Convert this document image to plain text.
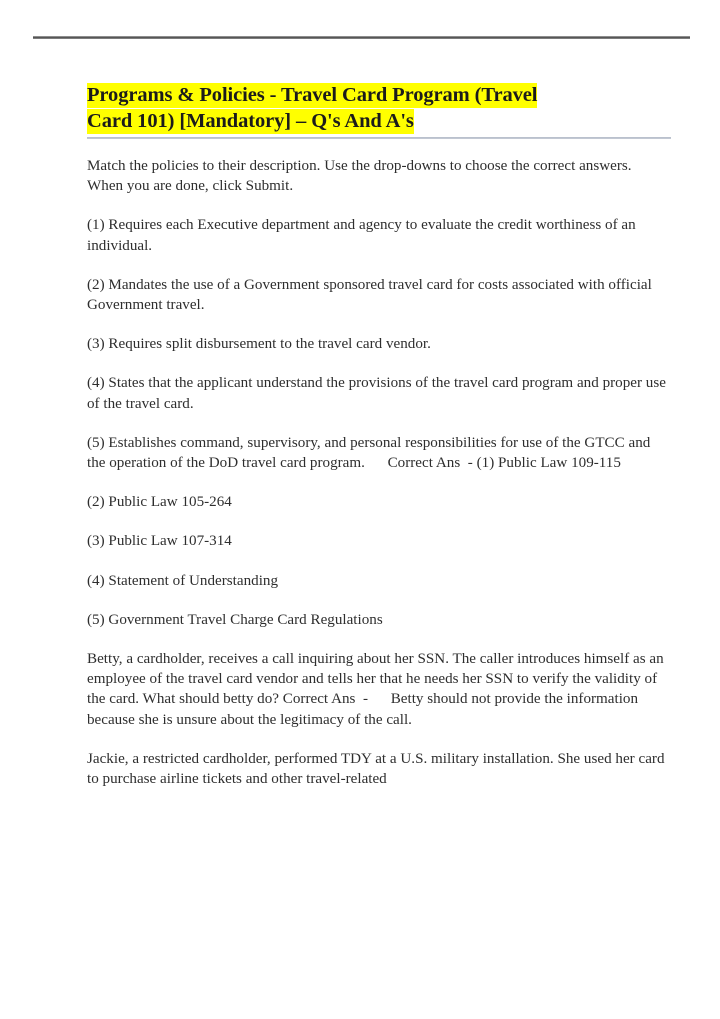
Programs & Policies - Travel Card Program (Travel
Card 101) [Mandatory] – Q's And A's

Match the policies to their description. Use the drop-downs to choose the correct answers. When you are done, click Submit.

(1) Requires each Executive department and agency to evaluate the credit worthiness of an individual.

(2) Mandates the use of a Government sponsored travel card for costs associated with official Government travel.

(3) Requires split disbursement to the travel card vendor.

(4) States that the applicant understand the provisions of the travel card program and proper use of the travel card.

(5) Establishes command, supervisory, and personal responsibilities for use of the GTCC and the operation of the DoD travel card program.      Correct Ans  - (1) Public Law 109-115

(2) Public Law 105-264

(3) Public Law 107-314

(4) Statement of Understanding

(5) Government Travel Charge Card Regulations

Betty, a cardholder, receives a call inquiring about her SSN. The caller introduces himself as an employee of the travel card vendor and tells her that he needs her SSN to verify the validity of the card. What should betty do? Correct Ans  -      Betty should not provide the information because she is unsure about the legitimacy of the call.

Jackie, a restricted cardholder, performed TDY at a U.S. military installation. She used her card to purchase airline tickets and other travel-related
